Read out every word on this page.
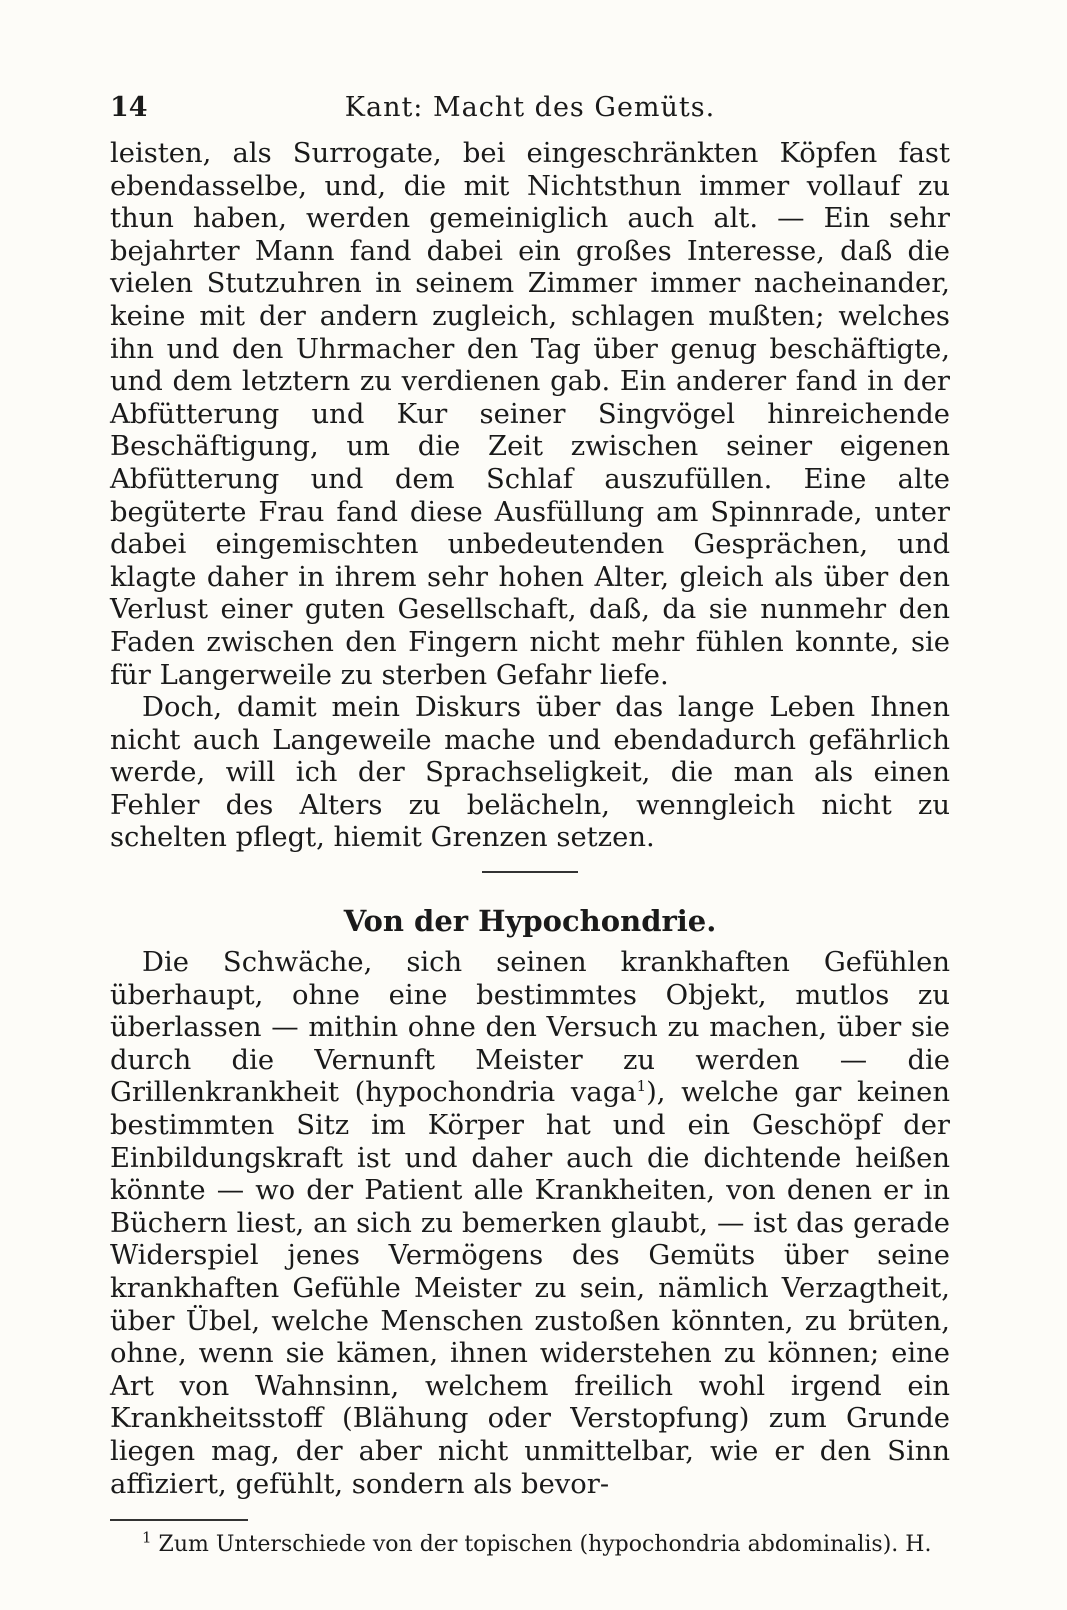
14	Kant: Macht des Gemüts.

leisten, als Surrogate, bei eingeschränkten Köpfen fast ebendasselbe, und, die mit Nichtsthun immer vollauf zu thun haben, werden gemeiniglich auch alt. — Ein sehr bejahrter Mann fand dabei ein großes Interesse, daß die vielen Stutzuhren in seinem Zimmer immer nacheinander, keine mit der andern zugleich, schlagen mußten; welches ihn und den Uhrmacher den Tag über genug beschäftigte, und dem letztern zu verdienen gab. Ein anderer fand in der Abfütterung und Kur seiner Singvögel hinreichende Beschäftigung, um die Zeit zwischen seiner eigenen Abfütterung und dem Schlaf auszufüllen. Eine alte begüterte Frau fand diese Ausfüllung am Spinnrade, unter dabei eingemischten unbedeutenden Gesprächen, und klagte daher in ihrem sehr hohen Alter, gleich als über den Verlust einer guten Gesellschaft, daß, da sie nunmehr den Faden zwischen den Fingern nicht mehr fühlen konnte, sie für Langerweile zu sterben Gefahr liefe.

Doch, damit mein Diskurs über das lange Leben Ihnen nicht auch Langeweile mache und ebendadurch gefährlich werde, will ich der Sprachseligkeit, die man als einen Fehler des Alters zu belächeln, wenngleich nicht zu schelten pflegt, hiemit Grenzen setzen.

Von der Hypochondrie.

Die Schwäche, sich seinen krankhaften Gefühlen überhaupt, ohne eine bestimmtes Objekt, mutlos zu überlassen — mithin ohne den Versuch zu machen, über sie durch die Vernunft Meister zu werden — die Grillenkrankheit (hypochondria vaga$^1$), welche gar keinen bestimmten Sitz im Körper hat und ein Geschöpf der Einbildungskraft ist und daher auch die dichtende heißen könnte — wo der Patient alle Krankheiten, von denen er in Büchern liest, an sich zu bemerken glaubt, — ist das gerade Widerspiel jenes Vermögens des Gemüts über seine krankhaften Gefühle Meister zu sein, nämlich Verzagtheit, über Übel, welche Menschen zustoßen könnten, zu brüten, ohne, wenn sie kämen, ihnen widerstehen zu können; eine Art von Wahnsinn, welchem freilich wohl irgend ein Krankheitsstoff (Blähung oder Verstopfung) zum Grunde liegen mag, der aber nicht unmittelbar, wie er den Sinn affiziert, gefühlt, sondern als bevor-

$^1$ Zum Unterschiede von der topischen (hypochondria abdominalis). H.
